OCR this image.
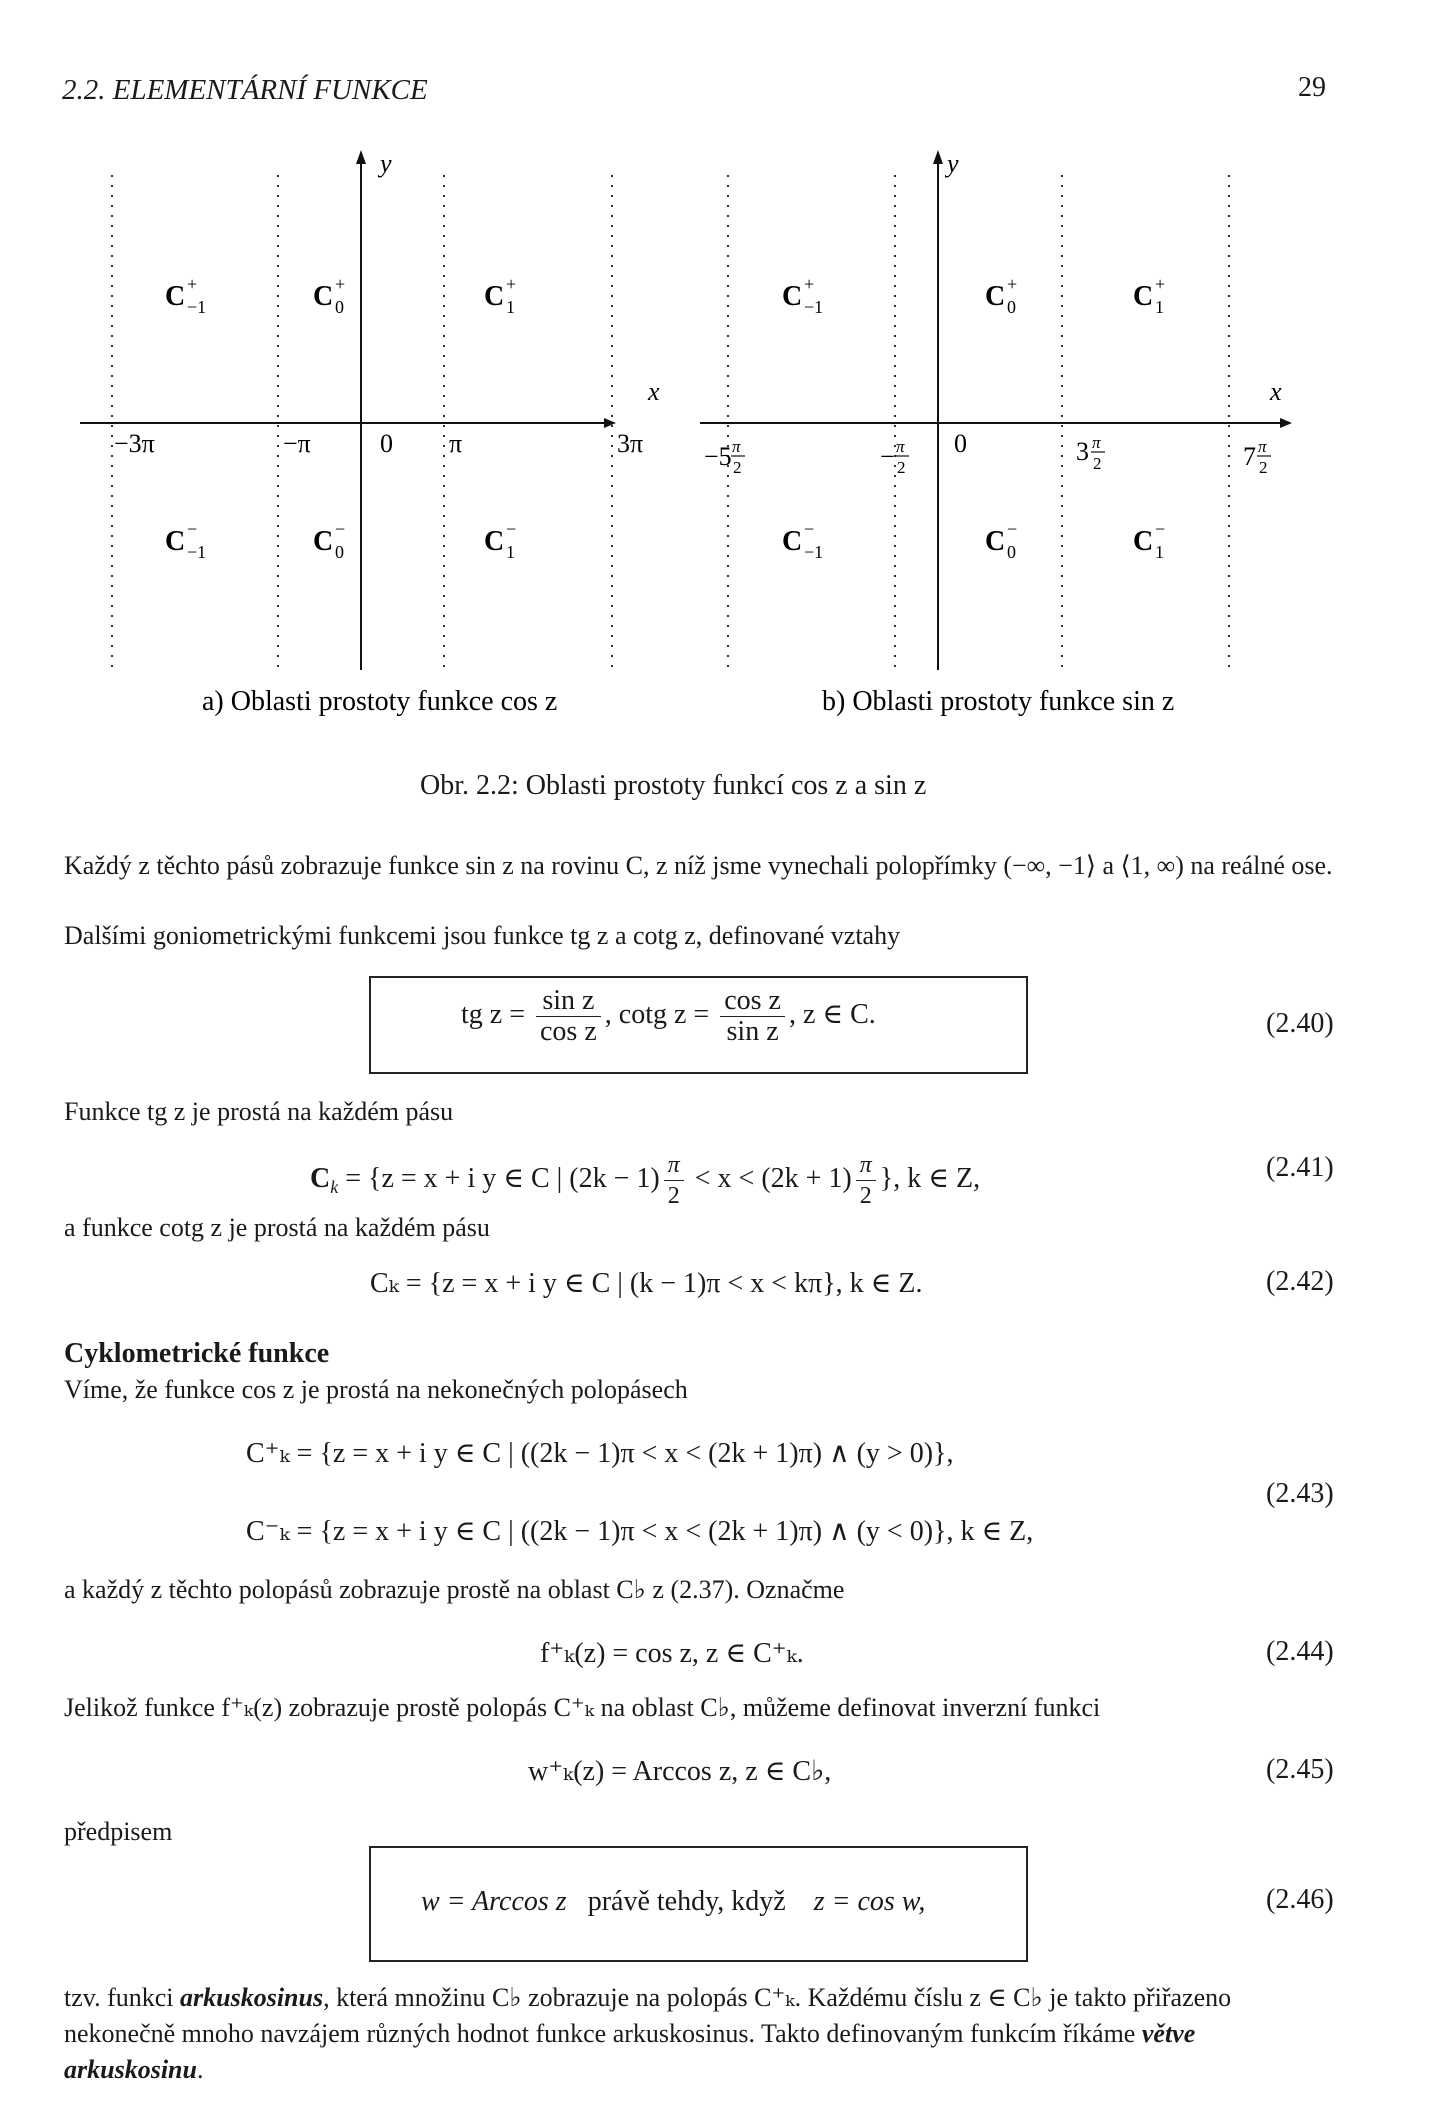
2.2. ELEMENTÁRNÍ FUNKCE	29
y
x
−3π	−π	0 π	3π
C	C	C
C	C	C
+
−1
+
0
+
1
−
−1
−
0
−
1
a) Oblasti prostoty funkce cos z
y
x
−5	− 0	3	7
π	π	π	π
2	2	2	2
C	C	C
C	C	C
+
−1
+
0
+
1
−
−1
−
0
−
1
b) Oblasti prostoty funkce sin z
Obr. 2.2: Oblasti prostoty funkcí cos z a sin z
Každý z těchto pásů zobrazuje funkce sin z na rovinu C, z níž jsme vynechali polopřímky (−∞, −1⟩ a ⟨1, ∞) na reálné ose.
Dalšími goniometrickými funkcemi jsou funkce tg z a cotg z, definované vztahy
tg $z = \frac{\text{sin z}}{\text{cos z}}$ , cotg $z = \frac{\text{cos z}}{\text{sin z}}$ , z ∈ C.	(2.40)
Funkce tg z je prostá na každém pásu
$C_k = \{z = x + i$ y ∈ C | $(2k - 1) \frac{\pi}{2} < x < (2k + 1) \frac{\pi}{2}$ }, k ∈ Z,	(2.41)
a funkce cotg z je prostá na každém pásu
Cₖ = {z = x + i y ∈ C | (k − 1)π < x < kπ}, k ∈ Z.	(2.42)
Cyklometrické funkce
Víme, že funkce cos z je prostá na nekonečných polopásech
C⁺ₖ = {z = x + i y ∈ C | ((2k − 1)π < x < (2k + 1)π) ∧ (y > 0)},
C⁻ₖ = {z = x + i y ∈ C | ((2k − 1)π < x < (2k + 1)π) ∧ (y < 0)}, k ∈ Z,
(2.43)
a každý z těchto polopásů zobrazuje prostě na oblast C♭ z (2.37). Označme
f⁺ₖ(z) = cos z, z ∈ C⁺ₖ.	(2.44)
Jelikož funkce f⁺ₖ(z) zobrazuje prostě polopás C⁺ₖ na oblast C♭, můžeme definovat inverzní funkci
w⁺ₖ(z) = Arccos z, z ∈ C♭,	(2.45)
předpisem
w = Arccos z právě tehdy, když z = cos w,	(2.46)
tzv. funkci arkuskosinus, která množinu C♭ zobrazuje na polopás C⁺ₖ. Každému číslu z ∈ C♭ je takto přiřazeno nekonečně mnoho navzájem různých hodnot funkce arkuskosinus. Takto definovaným funkcím říkáme větve arkuskosinu.
